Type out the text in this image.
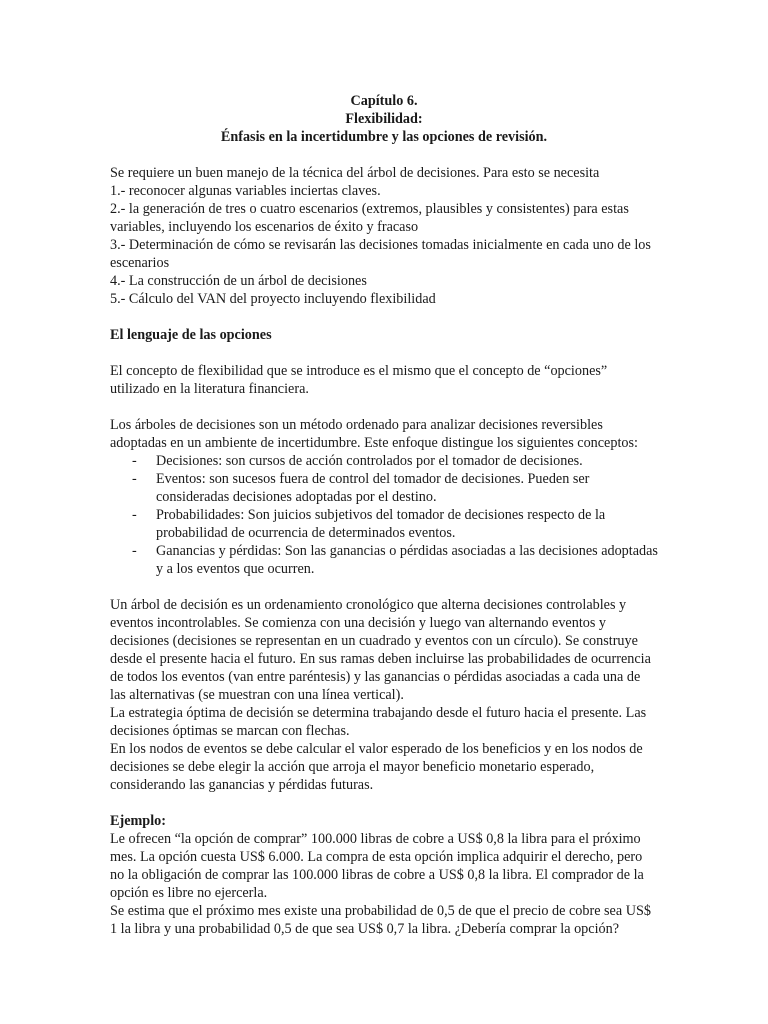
Capítulo 6.

Flexibilidad:

Énfasis en la incertidumbre y las opciones de revisión.

Se requiere un buen manejo de la técnica del árbol de decisiones. Para esto se necesita

1.- reconocer algunas variables inciertas claves.

2.- la generación de tres o cuatro escenarios (extremos, plausibles y consistentes) para estas variables, incluyendo los escenarios de éxito y fracaso

3.- Determinación de cómo se revisarán las decisiones tomadas inicialmente en cada uno de los escenarios

4.- La construcción de un árbol de decisiones

5.- Cálculo del VAN del proyecto incluyendo flexibilidad

El lenguaje de las opciones

El concepto de flexibilidad que se introduce es el mismo que el concepto de “opciones” utilizado en la literatura financiera.

Los árboles de decisiones son un método ordenado para analizar decisiones reversibles adoptadas en un ambiente de incertidumbre. Este enfoque distingue los siguientes conceptos:

- Decisiones: son cursos de acción controlados por el tomador de decisiones.
- Eventos: son sucesos fuera de control del tomador de decisiones. Pueden ser consideradas decisiones adoptadas por el destino.
- Probabilidades: Son juicios subjetivos del tomador de decisiones respecto de la probabilidad de ocurrencia de determinados eventos.
- Ganancias y pérdidas: Son las ganancias o pérdidas asociadas a las decisiones adoptadas y a los eventos que ocurren.

Un árbol de decisión es un ordenamiento cronológico que alterna decisiones controlables y eventos incontrolables. Se comienza con una decisión y luego van alternando eventos y decisiones (decisiones se representan en un cuadrado y eventos con un círculo). Se construye desde el presente hacia el futuro. En sus ramas deben incluirse las probabilidades de ocurrencia de todos los eventos (van entre paréntesis) y las ganancias o pérdidas asociadas a cada una de las alternativas (se muestran con una línea vertical).

La estrategia óptima de decisión se determina trabajando desde el futuro hacia el presente. Las decisiones óptimas se marcan con flechas.

En los nodos de eventos se debe calcular el valor esperado de los beneficios y en los nodos de decisiones se debe elegir la acción que arroja el mayor beneficio monetario esperado, considerando las ganancias y pérdidas futuras.

Ejemplo:

Le ofrecen “la opción de comprar” 100.000 libras de cobre a US$ 0,8 la libra para el próximo mes. La opción cuesta US$ 6.000. La compra de esta opción implica adquirir el derecho, pero no la obligación de comprar las 100.000 libras de cobre a US$ 0,8 la libra. El comprador de la opción es libre no ejercerla.

Se estima que el próximo mes existe una probabilidad de 0,5 de que el precio de cobre sea US$ 1 la libra y una probabilidad 0,5 de que sea US$ 0,7 la libra. ¿Debería comprar la opción?
